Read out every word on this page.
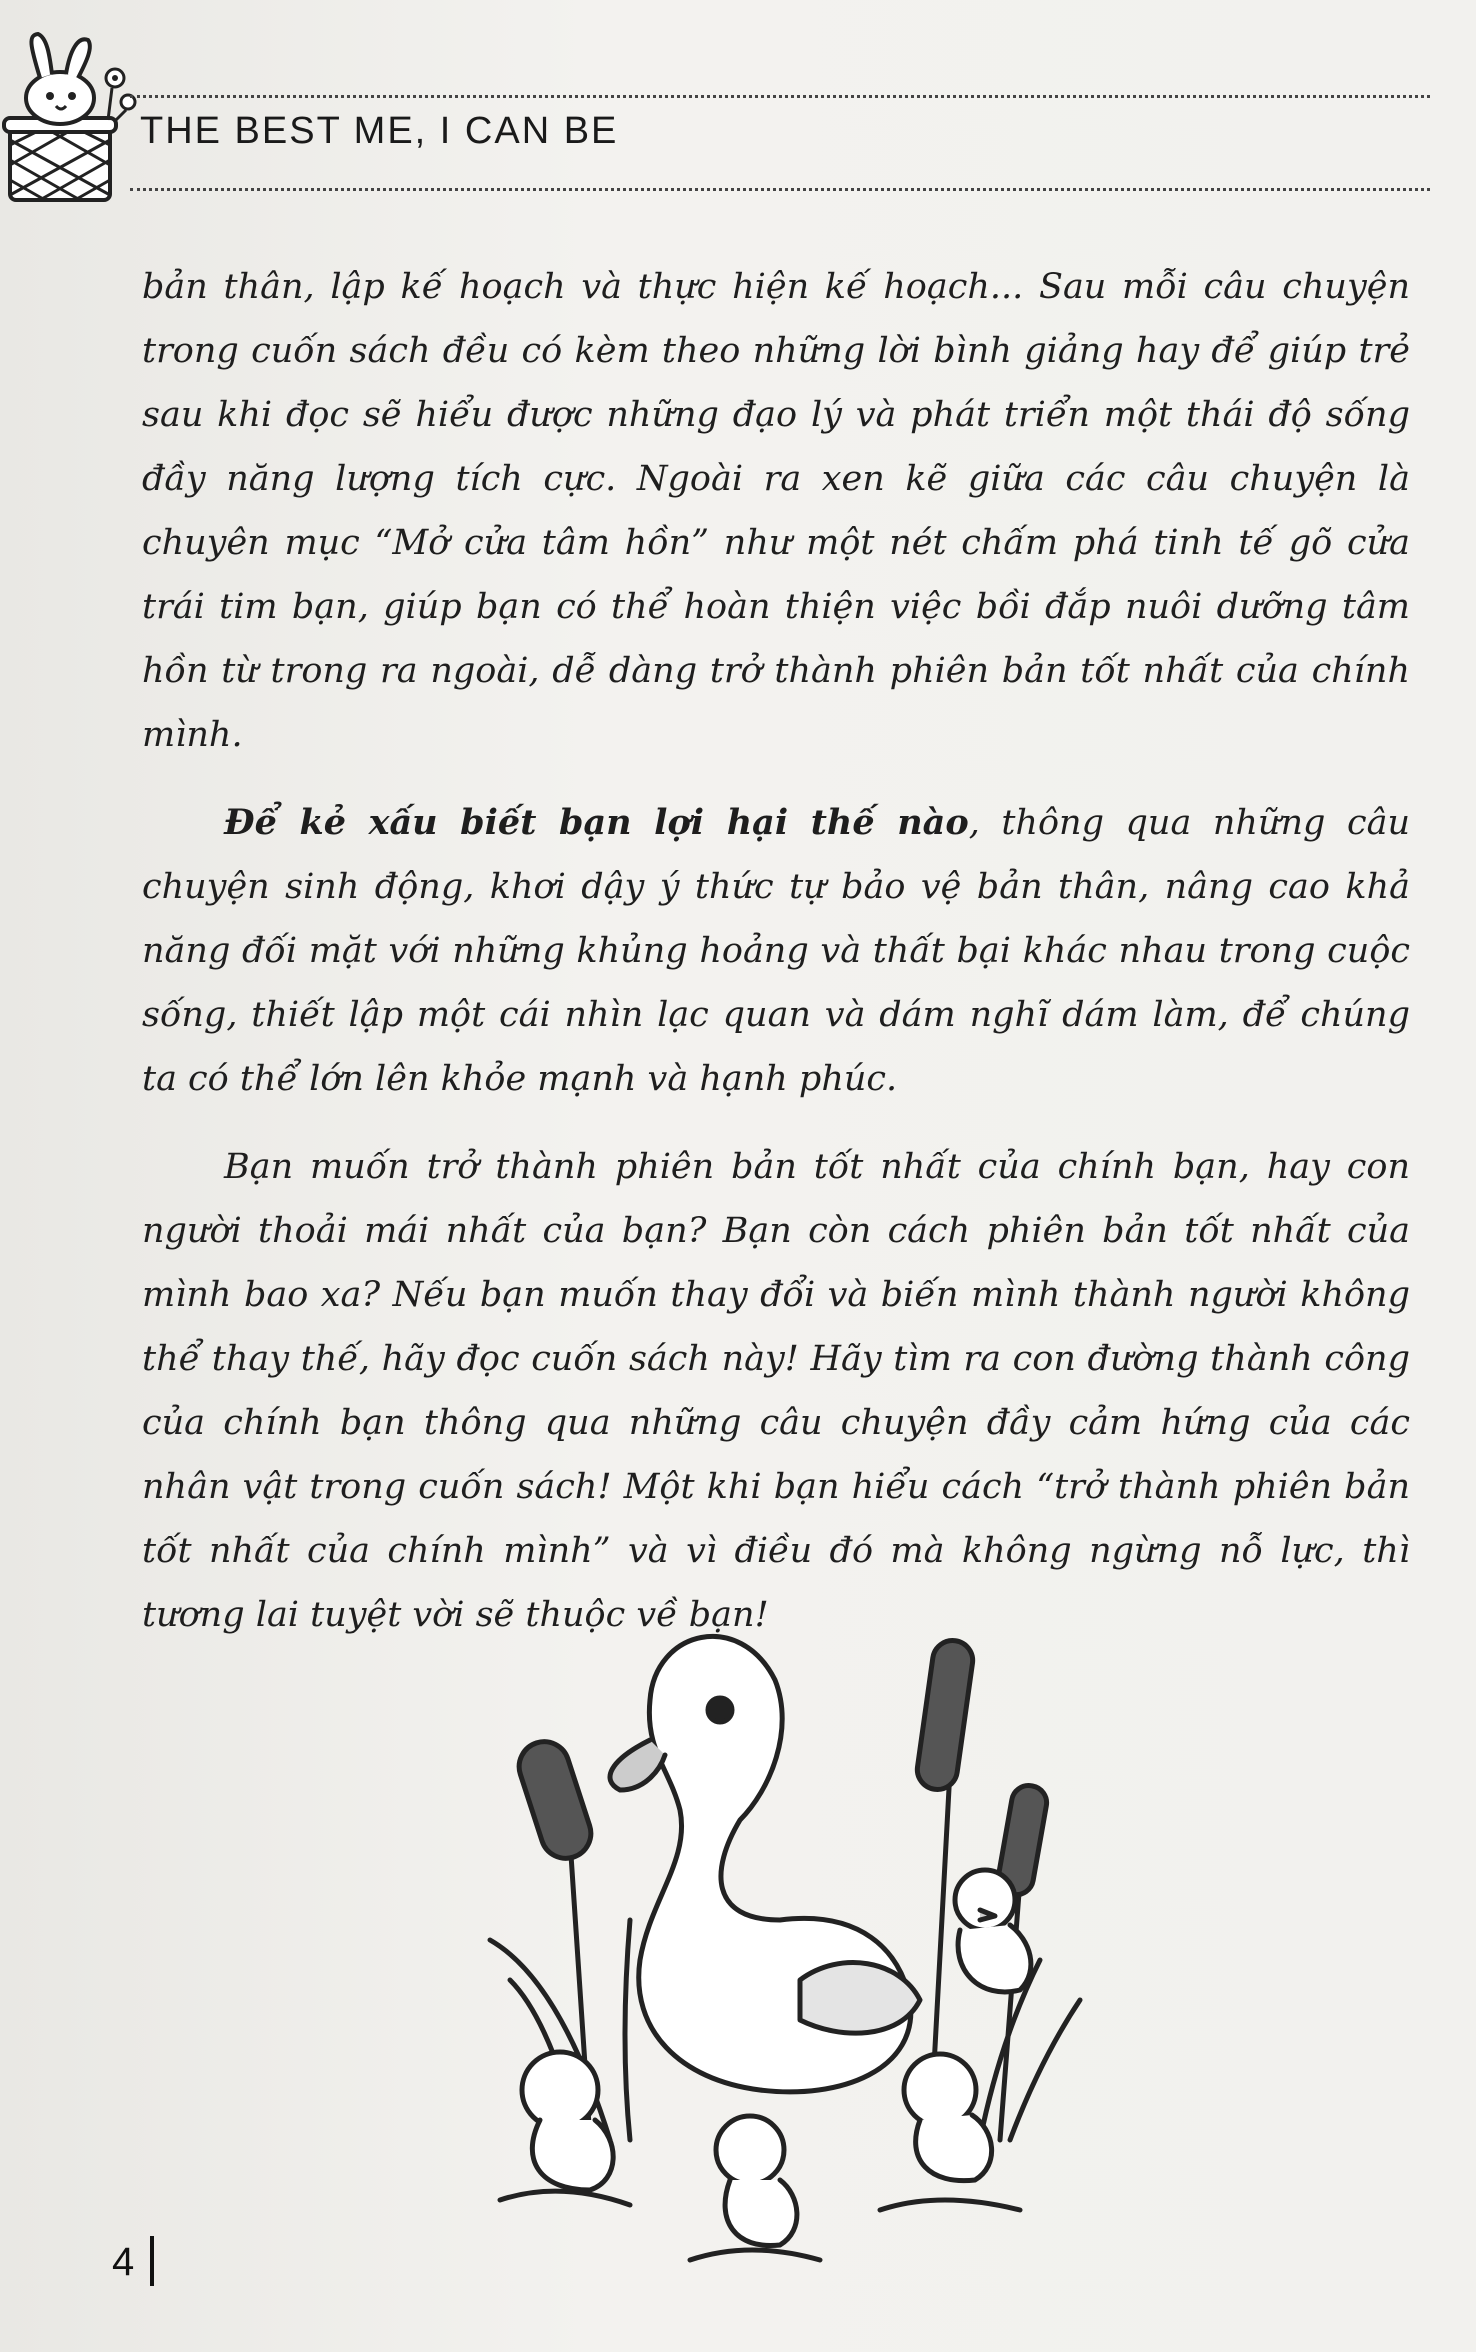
THE BEST ME, I CAN BE

bản thân, lập kế hoạch và thực hiện kế hoạch... Sau mỗi câu chuyện trong cuốn sách đều có kèm theo những lời bình giảng hay để giúp trẻ sau khi đọc sẽ hiểu được những đạo lý và phát triển một thái độ sống đầy năng lượng tích cực. Ngoài ra xen kẽ giữa các câu chuyện là chuyên mục “Mở cửa tâm hồn” như một nét chấm phá tinh tế gõ cửa trái tim bạn, giúp bạn có thể hoàn thiện việc bồi đắp nuôi dưỡng tâm hồn từ trong ra ngoài, dễ dàng trở thành phiên bản tốt nhất của chính mình.

Để kẻ xấu biết bạn lợi hại thế nào, thông qua những câu chuyện sinh động, khơi dậy ý thức tự bảo vệ bản thân, nâng cao khả năng đối mặt với những khủng hoảng và thất bại khác nhau trong cuộc sống, thiết lập một cái nhìn lạc quan và dám nghĩ dám làm, để chúng ta có thể lớn lên khỏe mạnh và hạnh phúc.

Bạn muốn trở thành phiên bản tốt nhất của chính bạn, hay con người thoải mái nhất của bạn? Bạn còn cách phiên bản tốt nhất của mình bao xa? Nếu bạn muốn thay đổi và biến mình thành người không thể thay thế, hãy đọc cuốn sách này! Hãy tìm ra con đường thành công của chính bạn thông qua những câu chuyện đầy cảm hứng của các nhân vật trong cuốn sách! Một khi bạn hiểu cách “trở thành phiên bản tốt nhất của chính mình” và vì điều đó mà không ngừng nỗ lực, thì tương lai tuyệt vời sẽ thuộc về bạn!

4
